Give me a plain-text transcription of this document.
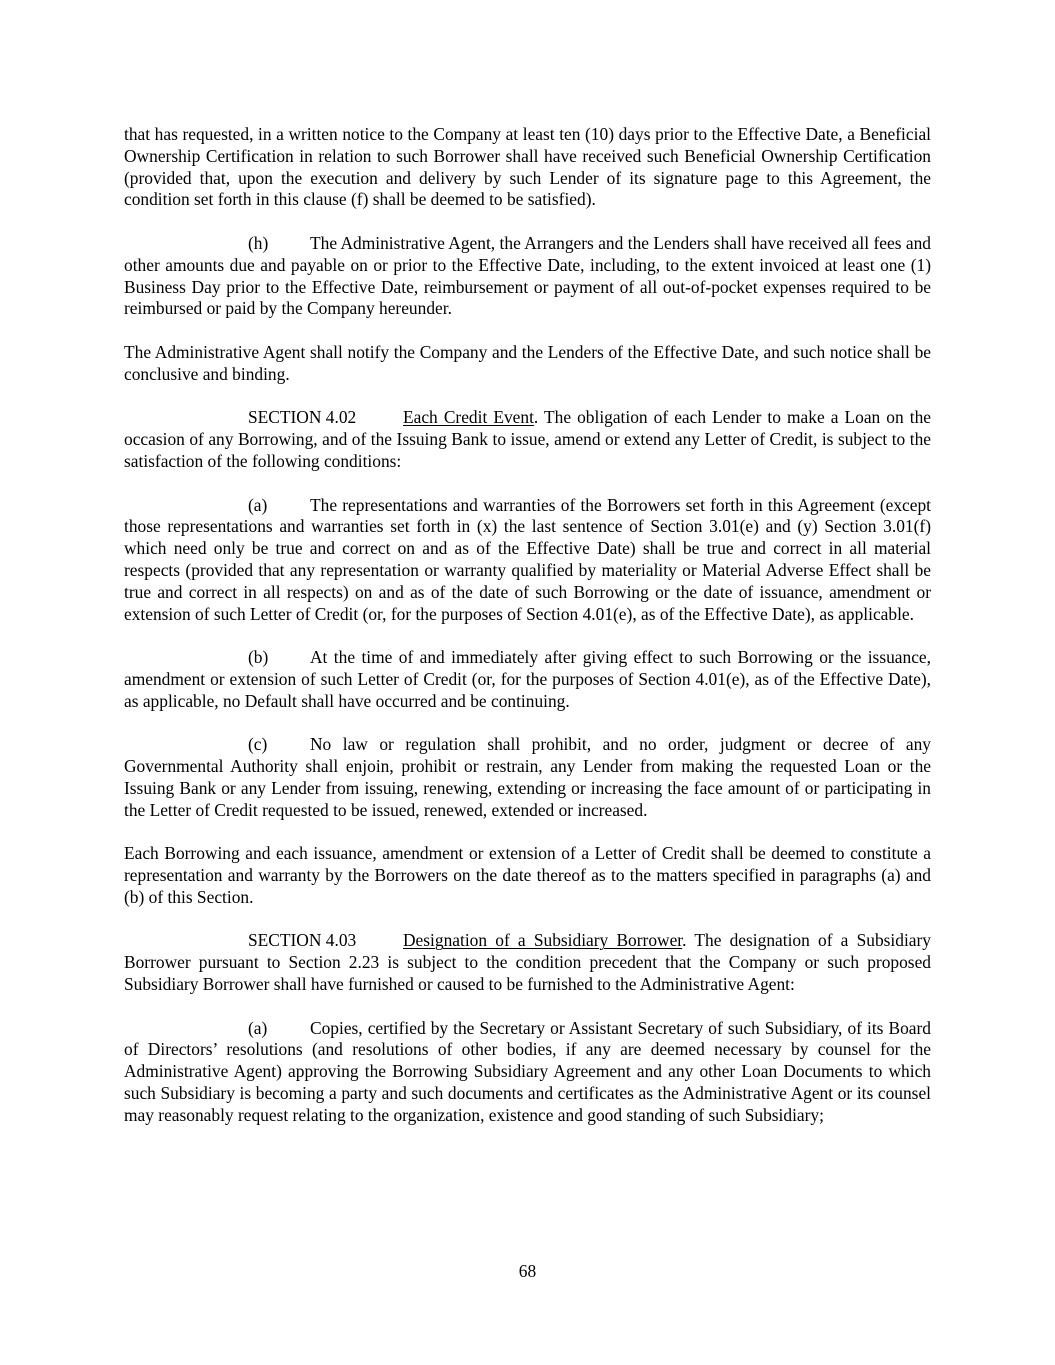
that has requested, in a written notice to the Company at least ten (10) days prior to the Effective Date, a Beneficial Ownership Certification in relation to such Borrower shall have received such Beneficial Ownership Certification (provided that, upon the execution and delivery by such Lender of its signature page to this Agreement, the condition set forth in this clause (f) shall be deemed to be satisfied).

(h) The Administrative Agent, the Arrangers and the Lenders shall have received all fees and other amounts due and payable on or prior to the Effective Date, including, to the extent invoiced at least one (1) Business Day prior to the Effective Date, reimbursement or payment of all out-of-pocket expenses required to be reimbursed or paid by the Company hereunder.

The Administrative Agent shall notify the Company and the Lenders of the Effective Date, and such notice shall be conclusive and binding.

SECTION 4.02	Each Credit Event. The obligation of each Lender to make a Loan on the occasion of any Borrowing, and of the Issuing Bank to issue, amend or extend any Letter of Credit, is subject to the satisfaction of the following conditions:

(a) The representations and warranties of the Borrowers set forth in this Agreement (except those representations and warranties set forth in (x) the last sentence of Section 3.01(e) and (y) Section 3.01(f) which need only be true and correct on and as of the Effective Date) shall be true and correct in all material respects (provided that any representation or warranty qualified by materiality or Material Adverse Effect shall be true and correct in all respects) on and as of the date of such Borrowing or the date of issuance, amendment or extension of such Letter of Credit (or, for the purposes of Section 4.01(e), as of the Effective Date), as applicable.

(b) At the time of and immediately after giving effect to such Borrowing or the issuance, amendment or extension of such Letter of Credit (or, for the purposes of Section 4.01(e), as of the Effective Date), as applicable, no Default shall have occurred and be continuing.

(c) No law or regulation shall prohibit, and no order, judgment or decree of any Governmental Authority shall enjoin, prohibit or restrain, any Lender from making the requested Loan or the Issuing Bank or any Lender from issuing, renewing, extending or increasing the face amount of or participating in the Letter of Credit requested to be issued, renewed, extended or increased.

Each Borrowing and each issuance, amendment or extension of a Letter of Credit shall be deemed to constitute a representation and warranty by the Borrowers on the date thereof as to the matters specified in paragraphs (a) and (b) of this Section.

SECTION 4.03	Designation of a Subsidiary Borrower. The designation of a Subsidiary Borrower pursuant to Section 2.23 is subject to the condition precedent that the Company or such proposed Subsidiary Borrower shall have furnished or caused to be furnished to the Administrative Agent:

(a) Copies, certified by the Secretary or Assistant Secretary of such Subsidiary, of its Board of Directors’ resolutions (and resolutions of other bodies, if any are deemed necessary by counsel for the Administrative Agent) approving the Borrowing Subsidiary Agreement and any other Loan Documents to which such Subsidiary is becoming a party and such documents and certificates as the Administrative Agent or its counsel may reasonably request relating to the organization, existence and good standing of such Subsidiary;

68
